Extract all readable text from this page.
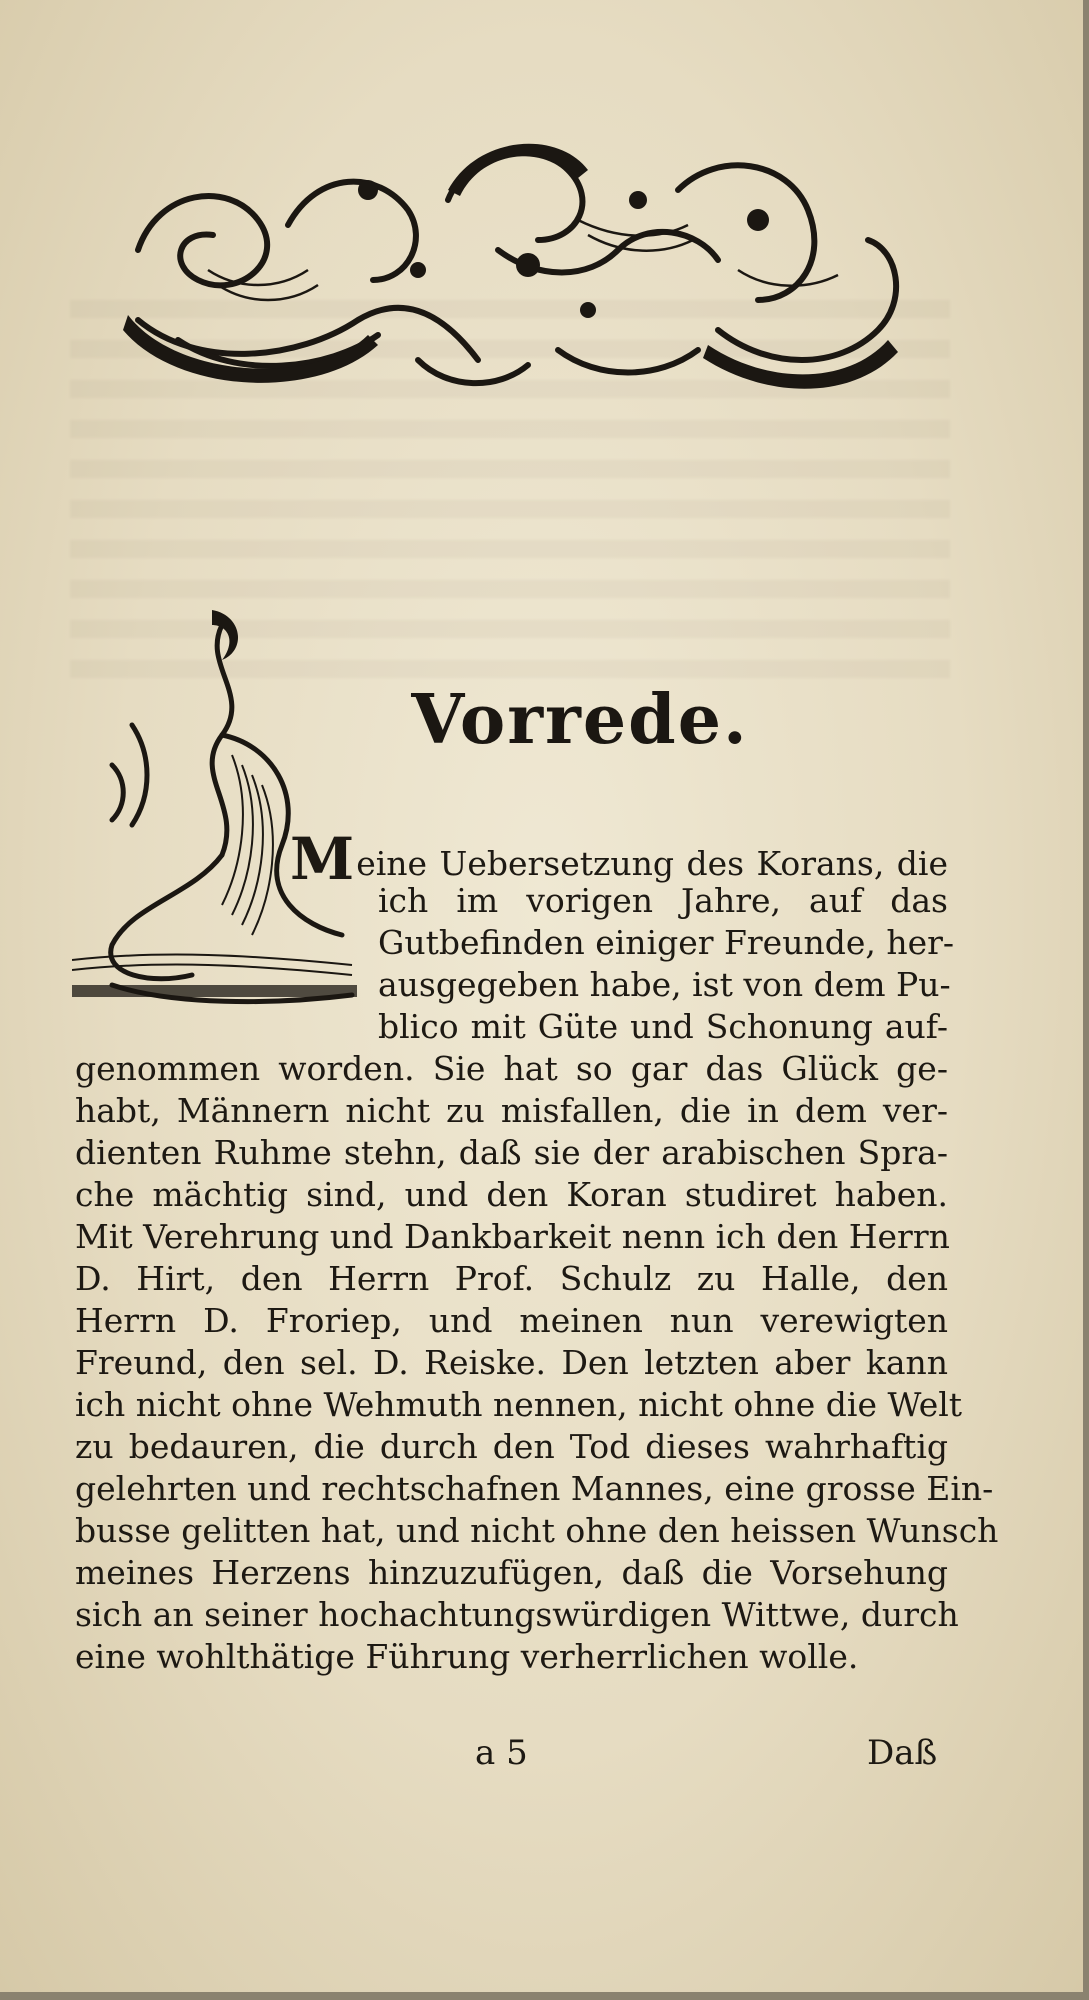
Vorrede.
Meine Uebersetzung des Korans, die
ich im vorigen Jahre, auf das
Gutbefinden einiger Freunde, her-
ausgegeben habe, ist von dem Pu-
blico mit Güte und Schonung auf-
genommen worden. Sie hat so gar das Glück ge-
habt, Männern nicht zu misfallen, die in dem ver-
dienten Ruhme stehn, daß sie der arabischen Spra-
che mächtig sind, und den Koran studiret haben.
Mit Verehrung und Dankbarkeit nenn ich den Herrn
D. Hirt, den Herrn Prof. Schulz zu Halle, den
Herrn D. Froriep, und meinen nun verewigten
Freund, den sel. D. Reiske. Den letzten aber kann
ich nicht ohne Wehmuth nennen, nicht ohne die Welt
zu bedauren, die durch den Tod dieses wahrhaftig
gelehrten und rechtschafnen Mannes, eine grosse Ein-
busse gelitten hat, und nicht ohne den heissen Wunsch
meines Herzens hinzuzufügen, daß die Vorsehung
sich an seiner hochachtungswürdigen Wittwe, durch
eine wohlthätige Führung verherrlichen wolle.
a 5	Daß
